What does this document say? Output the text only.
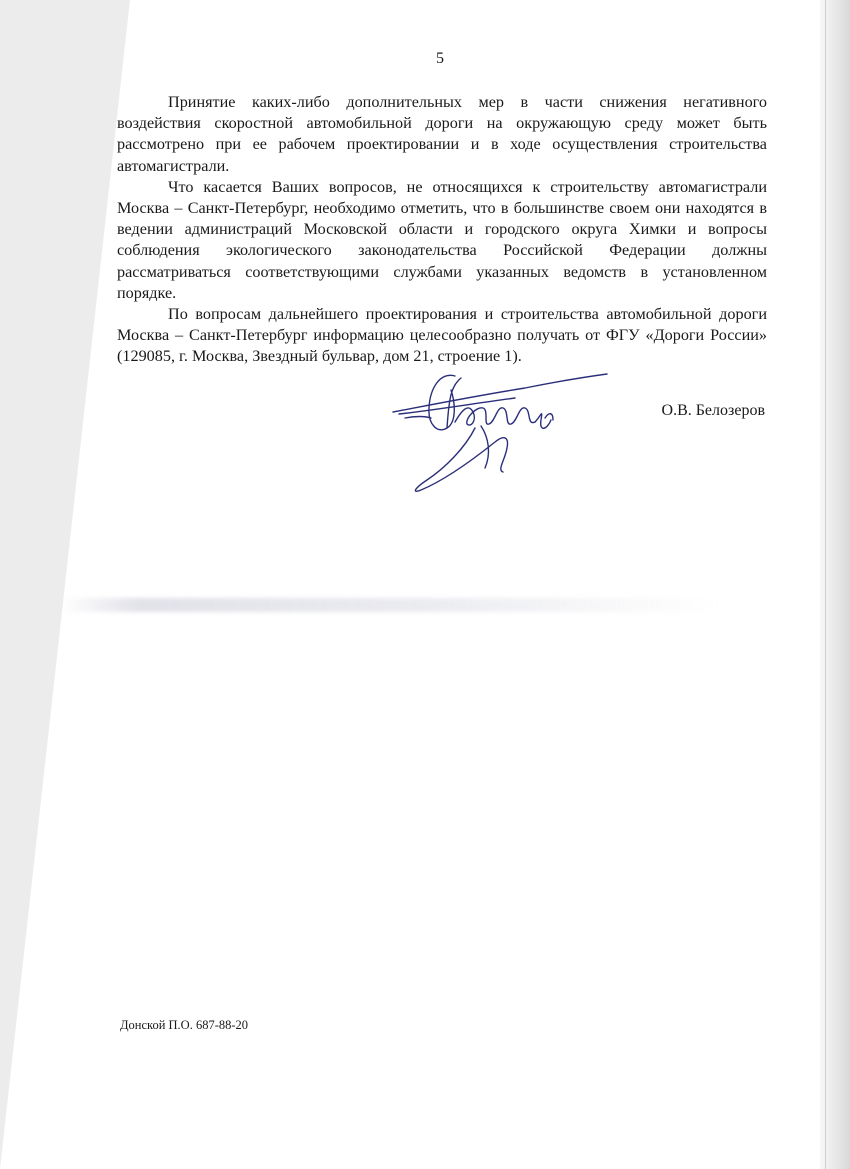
5

Принятие каких-либо дополнительных мер в части снижения негативного воздействия скоростной автомобильной дороги на окружающую среду может быть рассмотрено при ее рабочем проектировании и в ходе осуществления строительства автомагистрали.

Что касается Ваших вопросов, не относящихся к строительству автомагистрали Москва – Санкт-Петербург, необходимо отметить, что в большинстве своем они находятся в ведении администраций Московской области и городского округа Химки и вопросы соблюдения экологического законодательства Российской Федерации должны рассматриваться соответствующими службами указанных ведомств в установленном порядке.

По вопросам дальнейшего проектирования и строительства автомобильной дороги Москва – Санкт-Петербург информацию целесообразно получать от ФГУ «Дороги России» (129085, г. Москва, Звездный бульвар, дом 21, строение 1).

О.В. Белозеров
Донской П.О. 687-88-20
